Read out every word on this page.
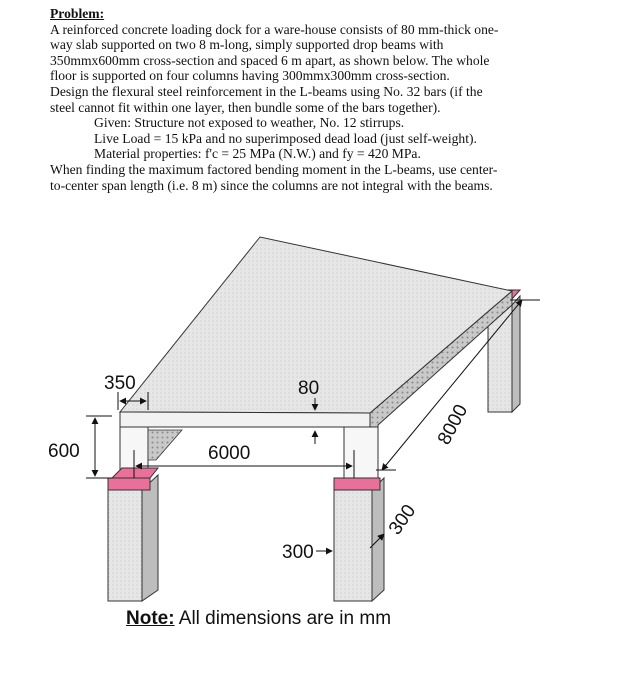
Problem:

A reinforced concrete loading dock for a ware-house consists of 80 mm-thick one-

way slab supported on two 8 m-long, simply supported drop beams with

350mmx600mm cross-section and spaced 6 m apart, as shown below. The whole

floor is supported on four columns having 300mmx300mm cross-section.

Design the flexural steel reinforcement in the L-beams using No. 32 bars (if the

steel cannot fit within one layer, then bundle some of the bars together).

Given: Structure not exposed to weather, No. 12 stirrups.

Live Load = 15 kPa and no superimposed dead load (just self-weight).

Material properties: f'c = 25 MPa (N.W.) and fy = 420 MPa.

When finding the maximum factored bending moment in the L-beams, use center-

to-center span length (i.e. 8 m) since the columns are not integral with the beams.

350	80
600	6000
8000
300
300
Note: All dimensions are in mm
